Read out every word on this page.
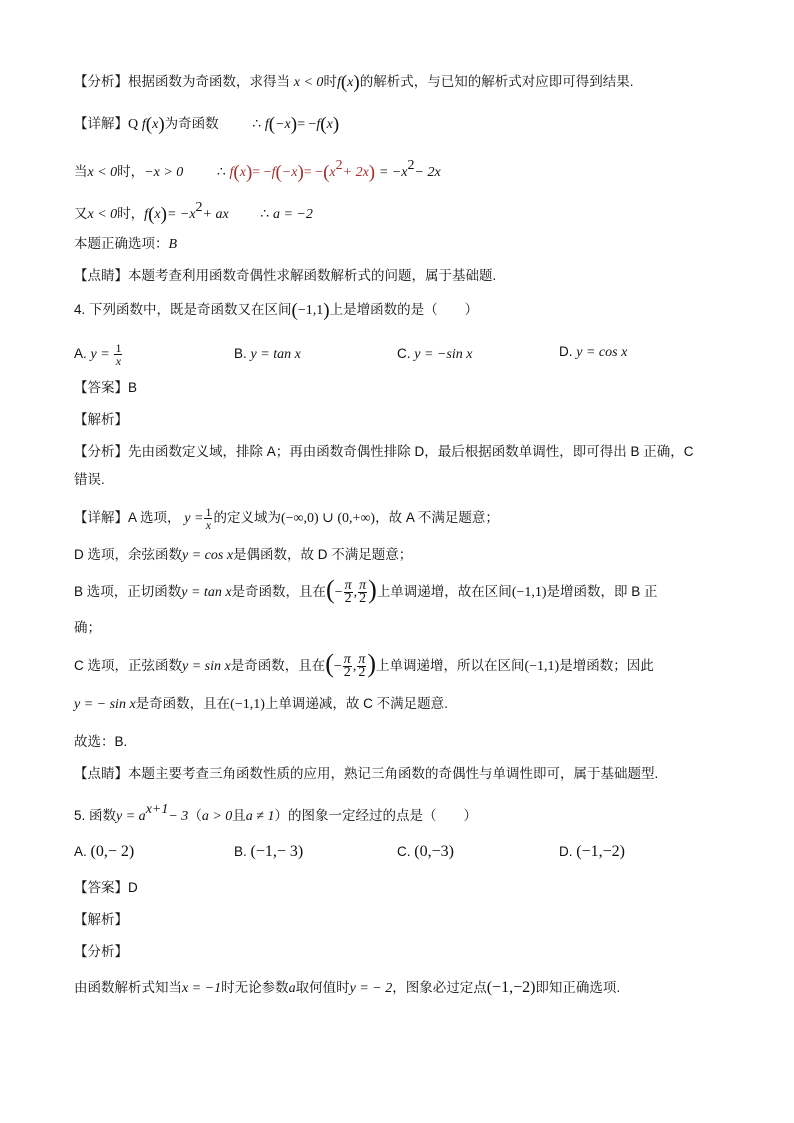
【分析】根据函数为奇函数，求得当 x < 0时f(x)的解析式，与已知的解析式对应即可得到结果.
【详解】Q f(x)为奇函数 ∴ f(−x)= −f(x)
当x < 0时，−x > 0 ∴ $f(x)= -f(-x)= -(x^2+ 2x) = -x^2- 2x$
又x < 0时，$f(x)= -x^2+$ ax ∴ a = −2
本题正确选项：B
【点睛】本题考查利用函数奇偶性求解函数解析式的问题，属于基础题.
4. 下列函数中，既是奇函数又在区间(−1,1)上是增函数的是（　　）
A. $y = \frac{1}{x}$	B. y = tan x	C. y = −sin x	D. y = cos x
【答案】B
【解析】
【分析】先由函数定义域，排除 A；再由函数奇偶性排除 D，最后根据函数单调性，即可得出 B 正确，C
错误.
【详解】A 选项， $y = \frac{1}{x}$ 的定义域为(−∞,0) ∪ (0,+∞)，故 A 不满足题意；
D 选项，余弦函数y = cos x是偶函数，故 D 不满足题意；
B 选项，正切函数y = tan x是奇函数，且在(− $\frac{\pi}{2}$ , $\frac{\pi}{2}$ )上单调递增，故在区间(−1,1)是增函数，即 B 正
确；
C 选项，正弦函数y = sin x是奇函数，且在(− $\frac{\pi}{2}$ , $\frac{\pi}{2}$ )上单调递增，所以在区间(−1,1)是增函数；因此
y = − sin x是奇函数，且在(−1,1)上单调递减，故 C 不满足题意.
故选：B.
【点睛】本题主要考查三角函数性质的应用，熟记三角函数的奇偶性与单调性即可，属于基础题型.
5. 函数$y = a^{x+1}- 3(a > 0$且a ≠ 1）的图象一定经过的点是（　　）
A. (0,− 2)	B. (−1,− 3)	C. (0,−3)	D. (−1,−2)
【答案】D
【解析】
【分析】
由函数解析式知当x = −1时无论参数a取何值时y = − 2，图象必过定点(−1,−2)即知正确选项.
